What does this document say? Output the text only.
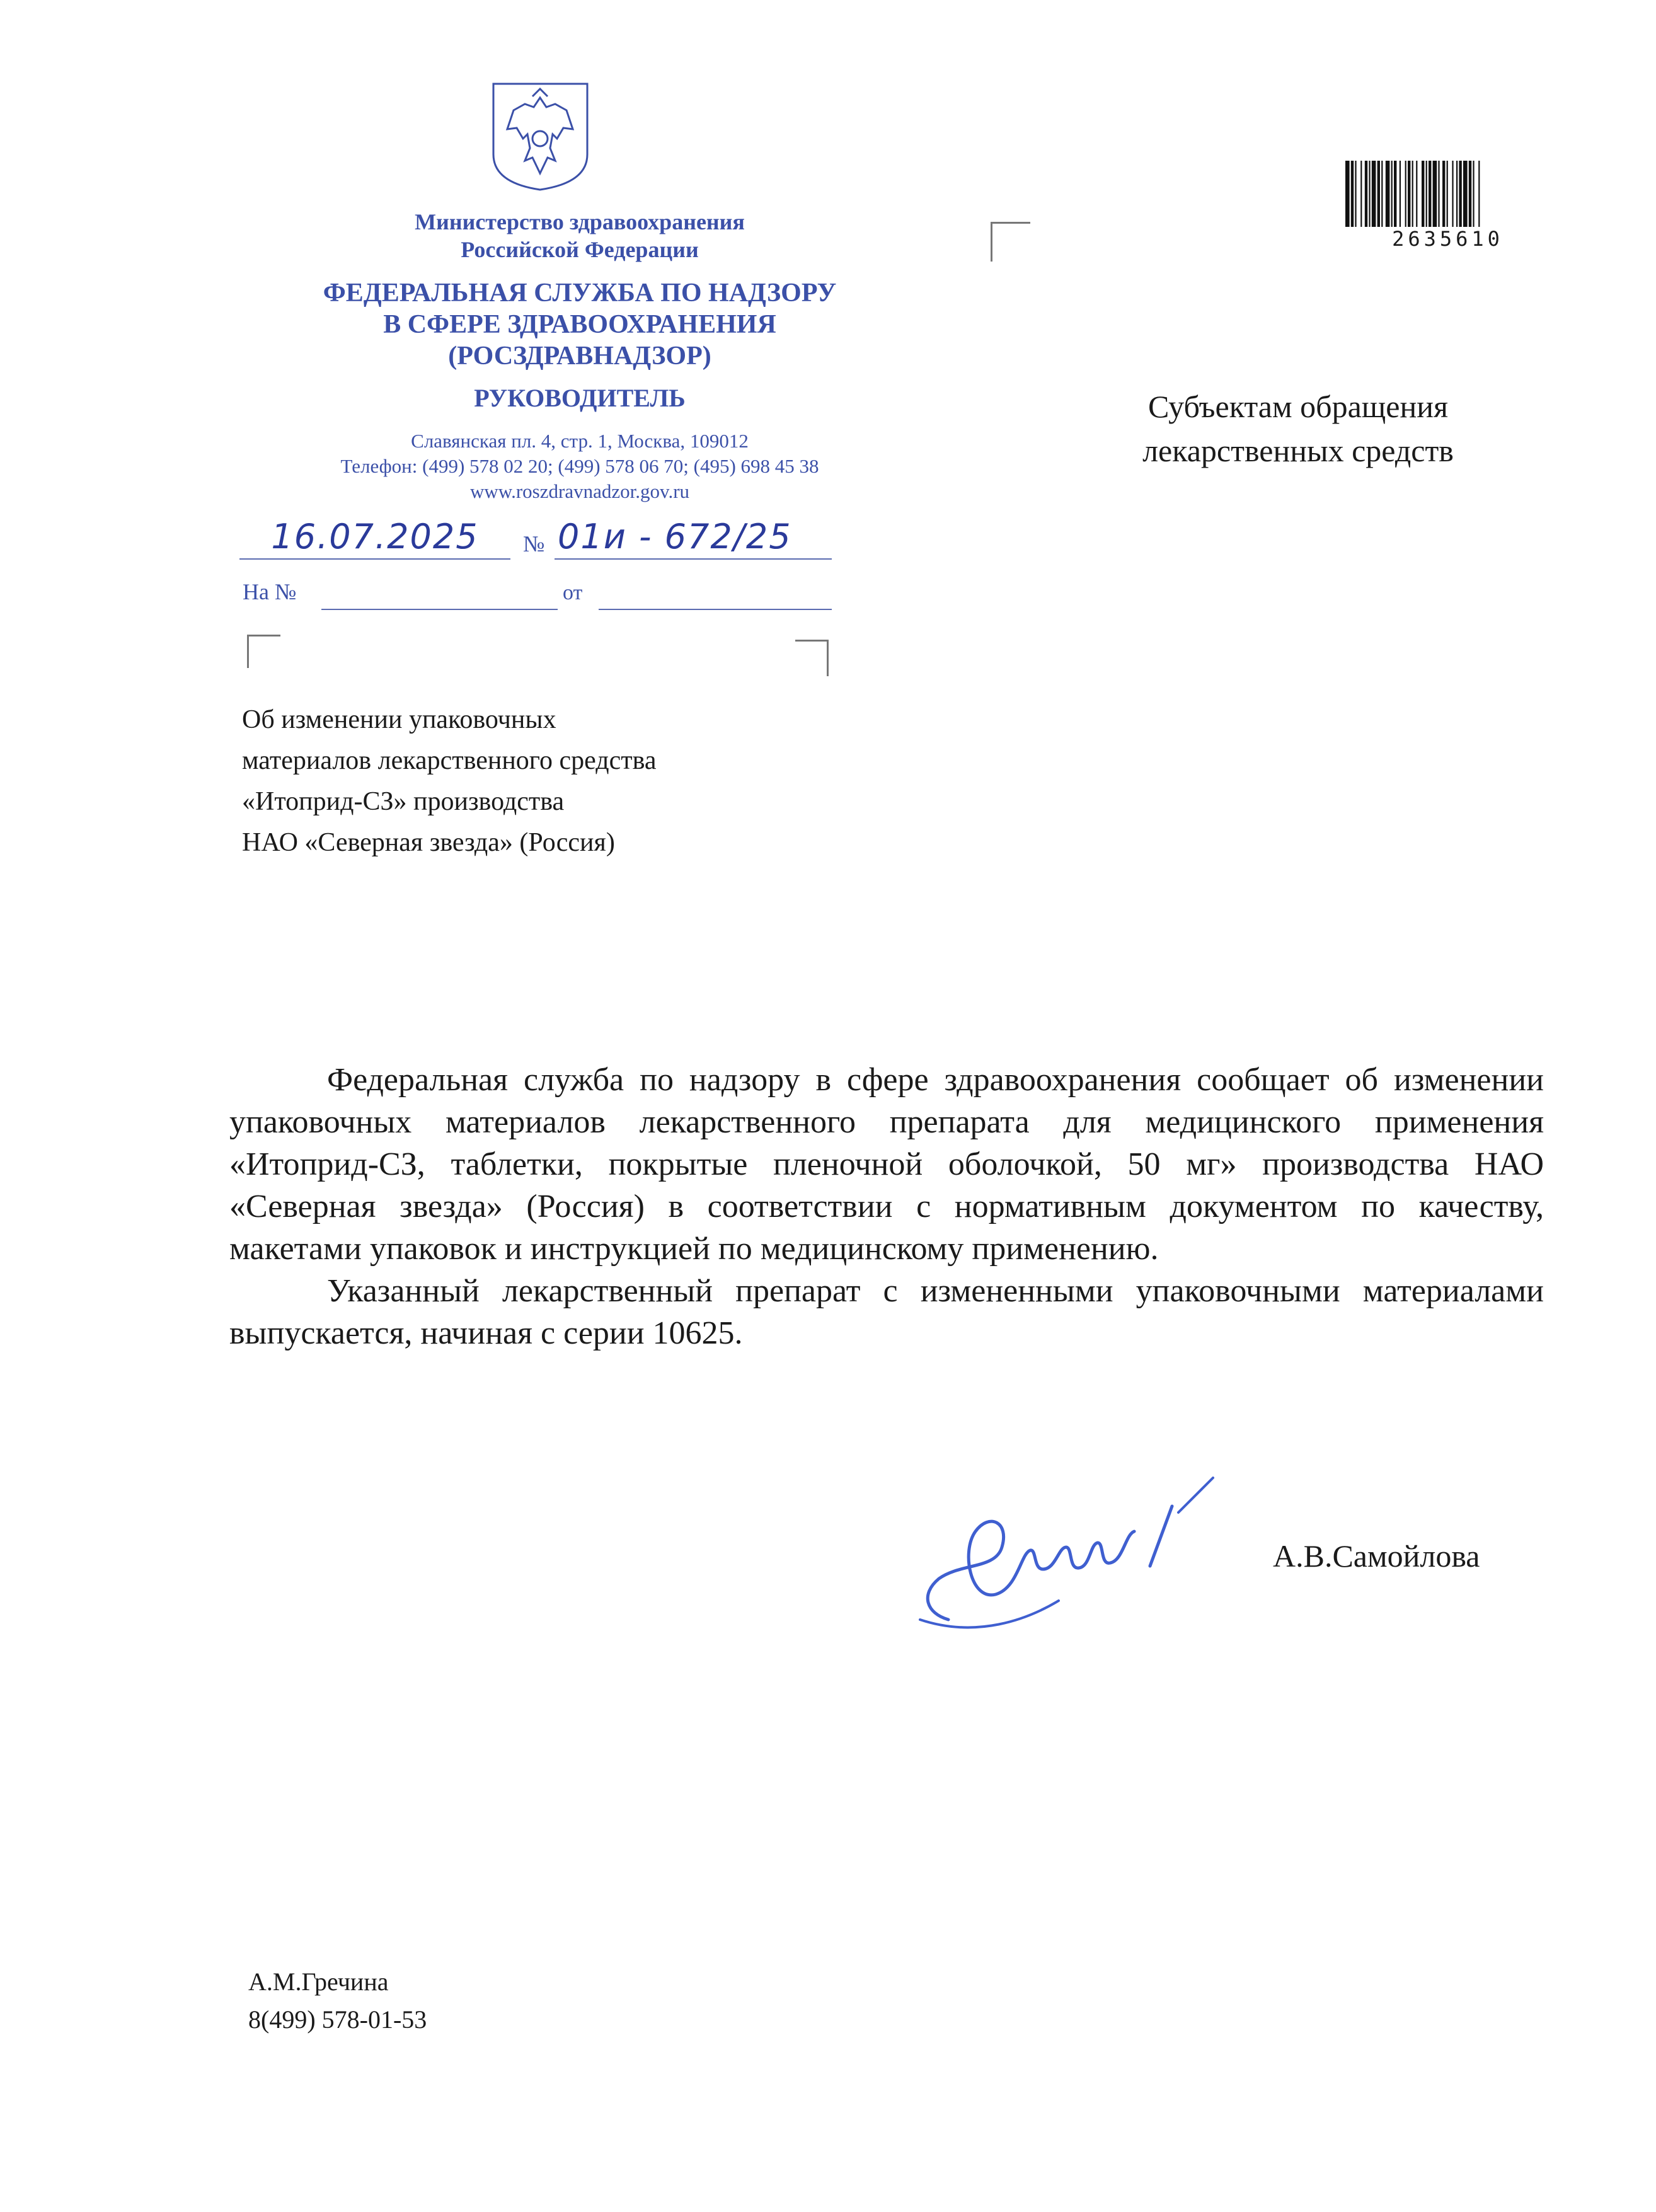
Министерство здравоохранения
Российской Федерации
ФЕДЕРАЛЬНАЯ СЛУЖБА ПО НАДЗОРУ
В СФЕРЕ ЗДРАВООХРАНЕНИЯ
(РОСЗДРАВНАДЗОР)
РУКОВОДИТЕЛЬ
Славянская пл. 4, стр. 1, Москва, 109012
Телефон: (499) 578 02 20; (499) 578 06 70; (495) 698 45 38
www.roszdravnadzor.gov.ru
16.07.2025	№ 01и - 672/25
На №	от
2635610
Субъектам обращения
лекарственных средств
Об изменении упаковочных
материалов лекарственного средства
«Итоприд-СЗ» производства
НАО «Северная звезда» (Россия)

Федеральная служба по надзору в сфере здравоохранения сообщает об изменении упаковочных материалов лекарственного препарата для медицинского применения «Итоприд-СЗ, таблетки, покрытые пленочной оболочкой, 50 мг» производства НАО «Северная звезда» (Россия) в соответствии с нормативным документом по качеству, макетами упаковок и инструкцией по медицинскому применению.

Указанный лекарственный препарат с измененными упаковочными материалами выпускается, начиная с серии 10625.

А.В.Самойлова
А.М.Гречина
8(499) 578-01-53
